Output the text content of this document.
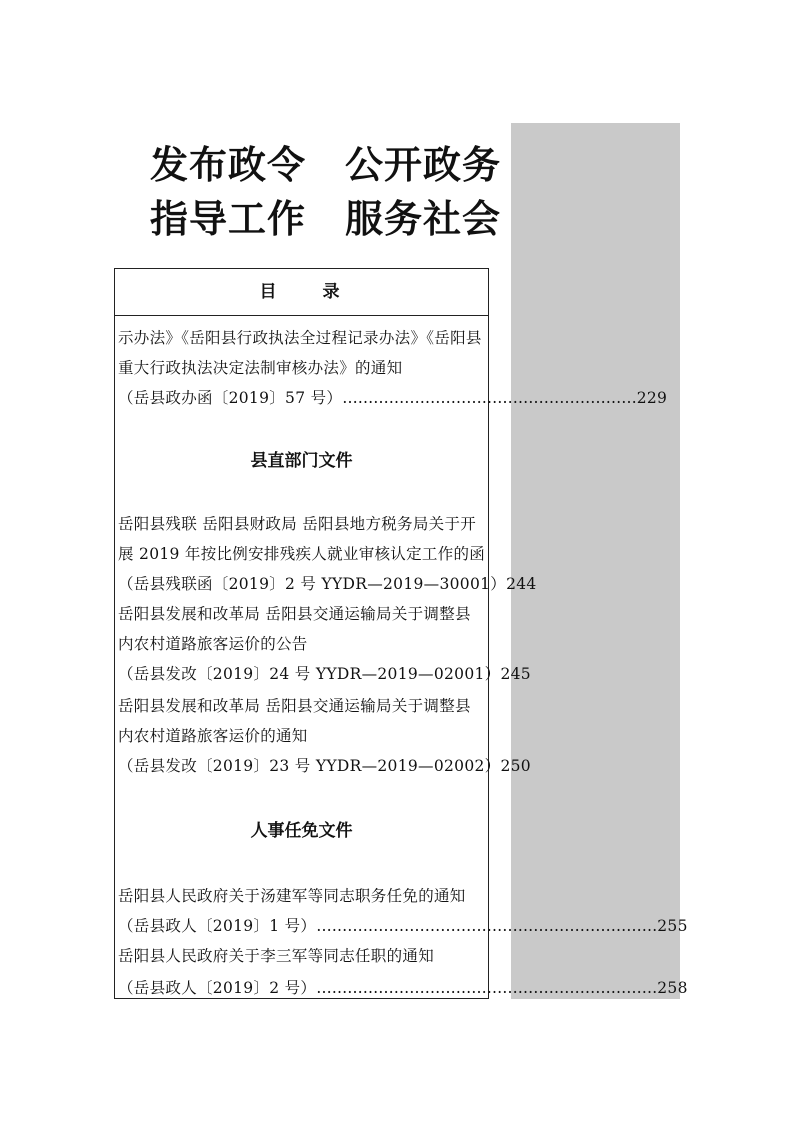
发布政令　公开政务
指导工作　服务社会
目　　录
示办法》《岳阳县行政执法全过程记录办法》《岳阳县
重大行政执法决定法制审核办法》的通知
（岳县政办函〔2019〕57 号） ………………………………………………… 229
县直部门文件
岳阳县残联 岳阳县财政局 岳阳县地方税务局关于开
展 2019 年按比例安排残疾人就业审核认定工作的函
（岳县残联函〔2019〕2 号 YYDR—2019—30001） 244
岳阳县发展和改革局 岳阳县交通运输局关于调整县
内农村道路旅客运价的公告
（岳县发改〔2019〕24 号 YYDR—2019—02001） 245
岳阳县发展和改革局 岳阳县交通运输局关于调整县
内农村道路旅客运价的通知
（岳县发改〔2019〕23 号 YYDR—2019—02002） 250
人事任免文件
岳阳县人民政府关于汤建军等同志职务任免的通知
（岳县政人〔2019〕1 号） ………………………………………………………… 255
岳阳县人民政府关于李三军等同志任职的通知
（岳县政人〔2019〕2 号） ………………………………………………………… 258
